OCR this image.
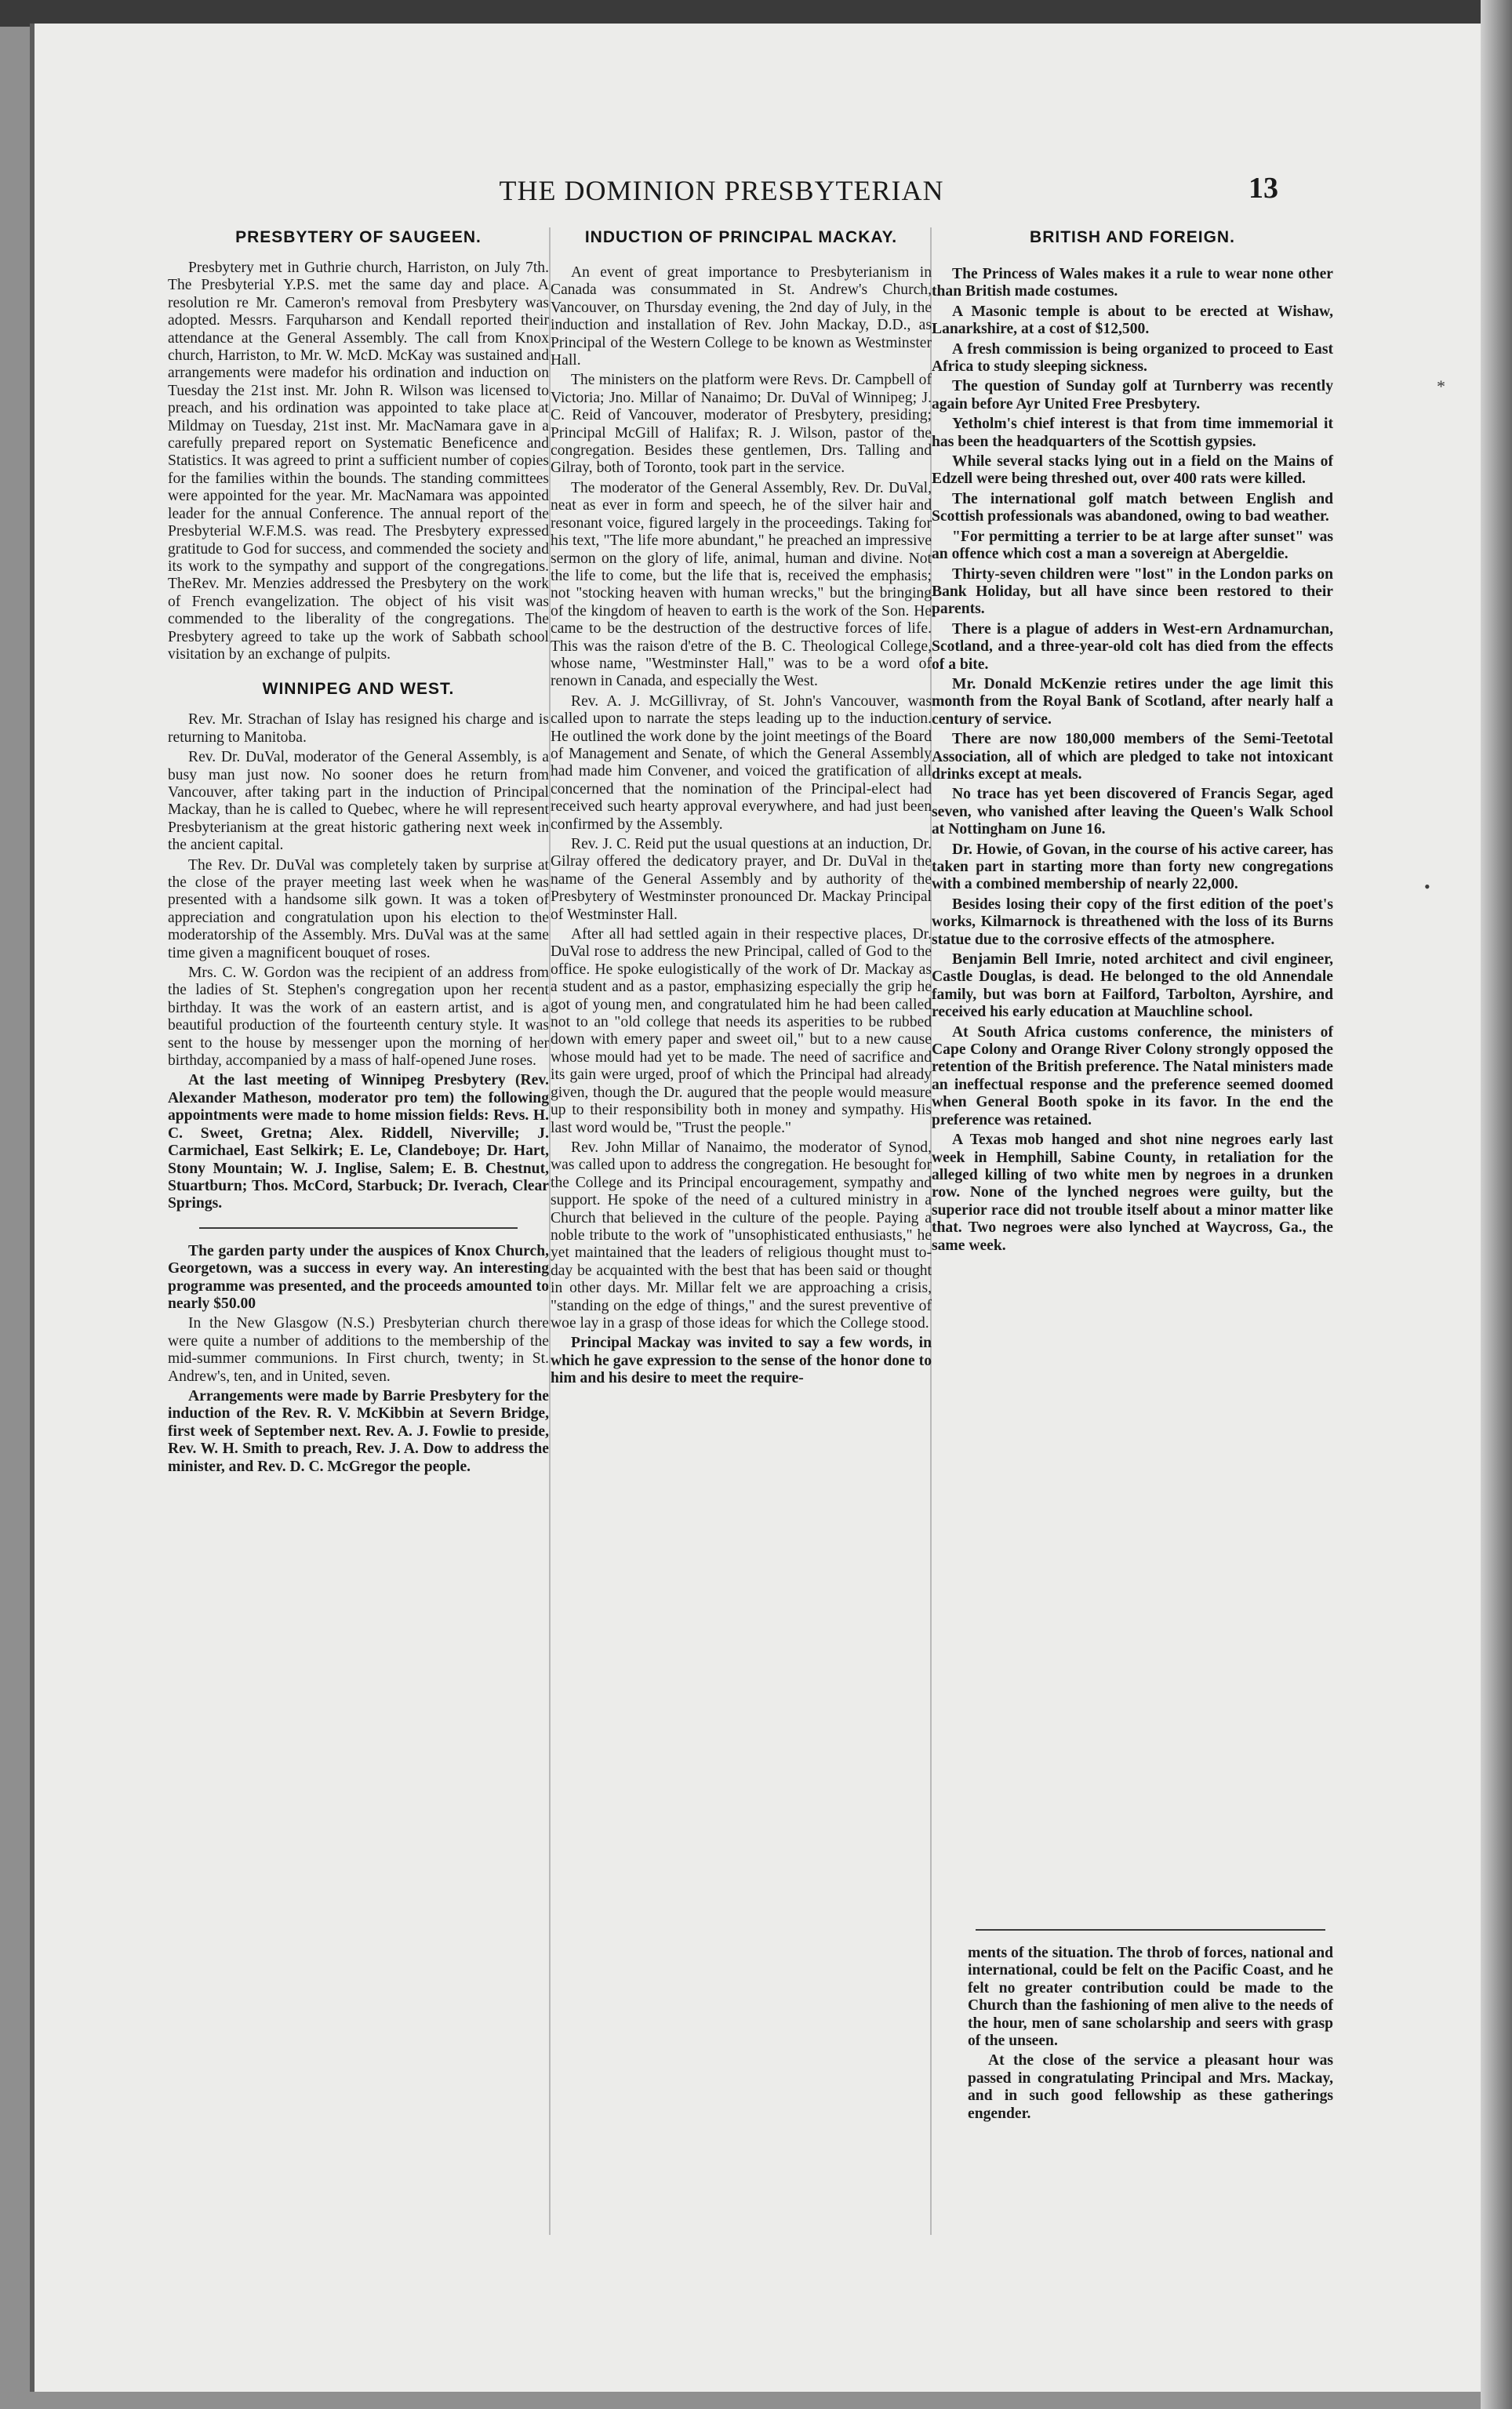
THE DOMINION PRESBYTERIAN	13
PRESBYTERY OF SAUGEEN.

Presbytery met in Guthrie church, Harriston, on July 7th. The Presbyterial Y.P.S. met the same day and place. A resolution re Mr. Cameron's removal from Presbytery was adopted. Messrs. Farquharson and Kendall reported their attendance at the General Assembly. The call from Knox church, Harriston, to Mr. W. McD. McKay was sustained and arrangements were madefor his ordination and induction on Tuesday the 21st inst. Mr. John R. Wilson was licensed to preach, and his ordination was appointed to take place at Mildmay on Tuesday, 21st inst. Mr. MacNamara gave in a carefully prepared report on Systematic Beneficence and Statistics. It was agreed to print a sufficient number of copies for the families within the bounds. The standing committees were appointed for the year. Mr. MacNamara was appointed leader for the annual Conference. The annual report of the Presbyterial W.F.M.S. was read. The Presbytery expressed gratitude to God for success, and commended the society and its work to the sympathy and support of the congregations. TheRev. Mr. Menzies addressed the Presbytery on the work of French evangelization. The object of his visit was commended to the liberality of the congregations. The Presbytery agreed to take up the work of Sabbath school visitation by an exchange of pulpits.

WINNIPEG AND WEST.

Rev. Mr. Strachan of Islay has resigned his charge and is returning to Manitoba.

Rev. Dr. DuVal, moderator of the General Assembly, is a busy man just now. No sooner does he return from Vancouver, after taking part in the induction of Principal Mackay, than he is called to Quebec, where he will represent Presbyterianism at the great historic gathering next week in the ancient capital.

The Rev. Dr. DuVal was completely taken by surprise at the close of the prayer meeting last week when he was presented with a handsome silk gown. It was a token of appreciation and congratulation upon his election to the moderatorship of the Assembly. Mrs. DuVal was at the same time given a magnificent bouquet of roses.

Mrs. C. W. Gordon was the recipient of an address from the ladies of St. Stephen's congregation upon her recent birthday. It was the work of an eastern artist, and is a beautiful production of the fourteenth century style. It was sent to the house by messenger upon the morning of her birthday, accompanied by a mass of half-opened June roses.

At the last meeting of Winnipeg Presbytery (Rev. Alexander Matheson, moderator pro tem) the following appointments were made to home mission fields: Revs. H. C. Sweet, Gretna; Alex. Riddell, Niverville; J. Carmichael, East Selkirk; E. Le, Clandeboye; Dr. Hart, Stony Mountain; W. J. Inglise, Salem; E. B. Chestnut, Stuartburn; Thos. McCord, Starbuck; Dr. Iverach, Clear Springs.

The garden party under the auspices of Knox Church, Georgetown, was a success in every way. An interesting programme was presented, and the proceeds amounted to nearly $50.00

In the New Glasgow (N.S.) Presbyterian church there were quite a number of additions to the membership of the mid-summer communions. In First church, twenty; in St. Andrew's, ten, and in United, seven.

Arrangements were made by Barrie Presbytery for the induction of the Rev. R. V. McKibbin at Severn Bridge, first week of September next. Rev. A. J. Fowlie to preside, Rev. W. H. Smith to preach, Rev. J. A. Dow to address the minister, and Rev. D. C. McGregor the people.

INDUCTION OF PRINCIPAL MACKAY.

An event of great importance to Presbyterianism in Canada was consummated in St. Andrew's Church, Vancouver, on Thursday evening, the 2nd day of July, in the induction and installation of Rev. John Mackay, D.D., as Principal of the Western College to be known as Westminster Hall.

The ministers on the platform were Revs. Dr. Campbell of Victoria; Jno. Millar of Nanaimo; Dr. DuVal of Winnipeg; J. C. Reid of Vancouver, moderator of Presbytery, presiding; Principal McGill of Halifax; R. J. Wilson, pastor of the congregation. Besides these gentlemen, Drs. Talling and Gilray, both of Toronto, took part in the service.

The moderator of the General Assembly, Rev. Dr. DuVal, neat as ever in form and speech, he of the silver hair and resonant voice, figured largely in the proceedings. Taking for his text, "The life more abundant," he preached an impressive sermon on the glory of life, animal, human and divine. Not the life to come, but the life that is, received the emphasis; not "stocking heaven with human wrecks," but the bringing of the kingdom of heaven to earth is the work of the Son. He came to be the destruction of the destructive forces of life. This was the raison d'etre of the B. C. Theological College, whose name, "Westminster Hall," was to be a word of renown in Canada, and especially the West.

Rev. A. J. McGillivray, of St. John's Vancouver, was called upon to narrate the steps leading up to the induction. He outlined the work done by the joint meetings of the Board of Management and Senate, of which the General Assembly had made him Convener, and voiced the gratification of all concerned that the nomination of the Principal-elect had received such hearty approval everywhere, and had just been confirmed by the Assembly.

Rev. J. C. Reid put the usual questions at an induction, Dr. Gilray offered the dedicatory prayer, and Dr. DuVal in the name of the General Assembly and by authority of the Presbytery of Westminster pronounced Dr. Mackay Principal of Westminster Hall.

After all had settled again in their respective places, Dr. DuVal rose to address the new Principal, called of God to the office. He spoke eulogistically of the work of Dr. Mackay as a student and as a pastor, emphasizing especially the grip he got of young men, and congratulated him he had been called not to an "old college that needs its asperities to be rubbed down with emery paper and sweet oil," but to a new cause whose mould had yet to be made. The need of sacrifice and its gain were urged, proof of which the Principal had already given, though the Dr. augured that the people would measure up to their responsibility both in money and sympathy. His last word would be, "Trust the people."

Rev. John Millar of Nanaimo, the moderator of Synod, was called upon to address the congregation. He besought for the College and its Principal encouragement, sympathy and support. He spoke of the need of a cultured ministry in a Church that believed in the culture of the people. Paying a noble tribute to the work of "unsophisticated enthusiasts," he yet maintained that the leaders of religious thought must to-day be acquainted with the best that has been said or thought in other days. Mr. Millar felt we are approaching a crisis, "standing on the edge of things," and the surest preventive of woe lay in a grasp of those ideas for which the College stood.

Principal Mackay was invited to say a few words, in which he gave expression to the sense of the honor done to him and his desire to meet the require-

BRITISH AND FOREIGN.

The Princess of Wales makes it a rule to wear none other than British made costumes.

A Masonic temple is about to be erected at Wishaw, Lanarkshire, at a cost of $12,500.

A fresh commission is being organized to proceed to East Africa to study sleeping sickness.

The question of Sunday golf at Turnberry was recently again before Ayr United Free Presbytery.

Yetholm's chief interest is that from time immemorial it has been the headquarters of the Scottish gypsies.

While several stacks lying out in a field on the Mains of Edzell were being threshed out, over 400 rats were killed.

The international golf match between English and Scottish professionals was abandoned, owing to bad weather.

"For permitting a terrier to be at large after sunset" was an offence which cost a man a sovereign at Abergeldie.

Thirty-seven children were "lost" in the London parks on Bank Holiday, but all have since been restored to their parents.

There is a plague of adders in West-ern Ardnamurchan, Scotland, and a three-year-old colt has died from the effects of a bite.

Mr. Donald McKenzie retires under the age limit this month from the Royal Bank of Scotland, after nearly half a century of service.

There are now 180,000 members of the Semi-Teetotal Association, all of which are pledged to take not intoxicant drinks except at meals.

No trace has yet been discovered of Francis Segar, aged seven, who vanished after leaving the Queen's Walk School at Nottingham on June 16.

Dr. Howie, of Govan, in the course of his active career, has taken part in starting more than forty new congregations with a combined membership of nearly 22,000.

Besides losing their copy of the first edition of the poet's works, Kilmarnock is threathened with the loss of its Burns statue due to the corrosive effects of the atmosphere.

Benjamin Bell Imrie, noted architect and civil engineer, Castle Douglas, is dead. He belonged to the old Annendale family, but was born at Failford, Tarbolton, Ayrshire, and received his early education at Mauchline school.

At South Africa customs conference, the ministers of Cape Colony and Orange River Colony strongly opposed the retention of the British preference. The Natal ministers made an ineffectual response and the preference seemed doomed when General Booth spoke in its favor. In the end the preference was retained.

A Texas mob hanged and shot nine negroes early last week in Hemphill, Sabine County, in retaliation for the alleged killing of two white men by negroes in a drunken row. None of the lynched negroes were guilty, but the superior race did not trouble itself about a minor matter like that. Two negroes were also lynched at Waycross, Ga., the same week.

ments of the situation. The throb of forces, national and international, could be felt on the Pacific Coast, and he felt no greater contribution could be made to the Church than the fashioning of men alive to the needs of the hour, men of sane scholarship and seers with grasp of the unseen.

At the close of the service a pleasant hour was passed in congratulating Principal and Mrs. Mackay, and in such good fellowship as these gatherings engender.

*
•
